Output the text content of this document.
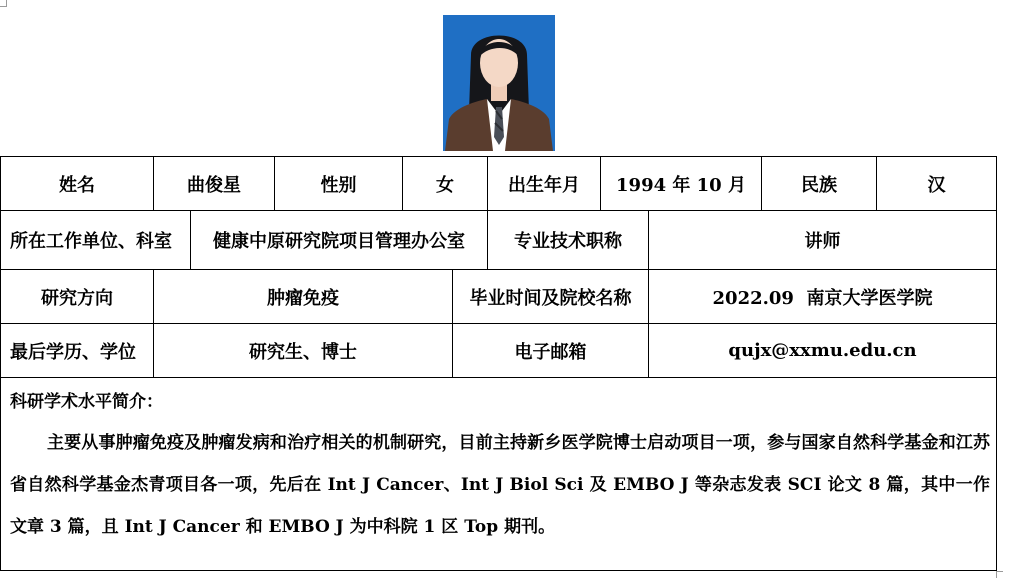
姓名	曲俊星	性别	女	出生年月	1994 年 10 月	民族	汉
所在工作单位、科室	健康中原研究院项目管理办公室	专业技术职称	讲师
研究方向	肿瘤免疫	毕业时间及院校名称	2022.09  南京大学医学院
最后学历、学位	研究生、博士	电子邮箱	qujx@xxmu.edu.cn
科研学术水平简介：
主要从事肿瘤免疫及肿瘤发病和治疗相关的机制研究，目前主持新乡医学院博士启动项目一项，参与国家自然科学基金和江苏省自然科学基金杰青项目各一项，先后在 Int J Cancer、Int J Biol Sci 及 EMBO J 等杂志发表 SCI 论文 8 篇，其中一作文章 3 篇，且 Int J Cancer 和 EMBO J 为中科院 1 区 Top 期刊。
